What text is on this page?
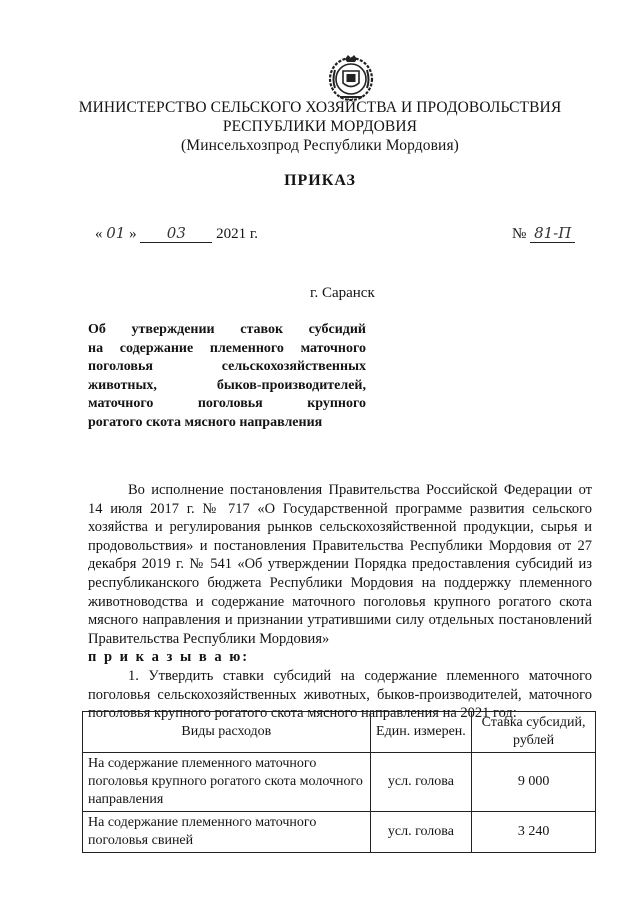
МИНИСТЕРСТВО СЕЛЬСКОГО ХОЗЯЙСТВА И ПРОДОВОЛЬСТВИЯ
РЕСПУБЛИКИ МОРДОВИЯ
(Минсельхозпрод Республики Мордовия)
ПРИКАЗ
« 01 » 03 2021 г.	№ 81-П
г. Саранск
Об утверждении ставок субсидий
на содержание племенного маточного
поголовья сельскохозяйственных
животных, быков-производителей,
маточного поголовья крупного
рогатого скота мясного направления

Во исполнение постановления Правительства Российской Федерации от 14 июля 2017 г. № 717 «О Государственной программе развития сельского хозяйства и регулирования рынков сельскохозяйственной продукции, сырья и продовольствия» и постановления Правительства Республики Мордовия от 27 декабря 2019 г. № 541 «Об утверждении Порядка предоставления субсидий из республиканского бюджета Республики Мордовия на поддержку племенного животноводства и содержание маточного поголовья крупного рогатого скота мясного направления и признании утратившими силу отдельных постановлений Правительства Республики Мордовия»

п р и к а з ы в а ю:

1. Утвердить ставки субсидий на содержание племенного маточного поголовья сельскохозяйственных животных, быков-производителей, маточного поголовья крупного рогатого скота мясного направления на 2021 год:

Виды расходов	Един. измерен.	Ставка субсидий, рублей
На содержание племенного маточного поголовья крупного рогатого скота молочного направления	усл. голова	9 000
На содержание племенного маточного поголовья свиней	усл. голова	3 240
